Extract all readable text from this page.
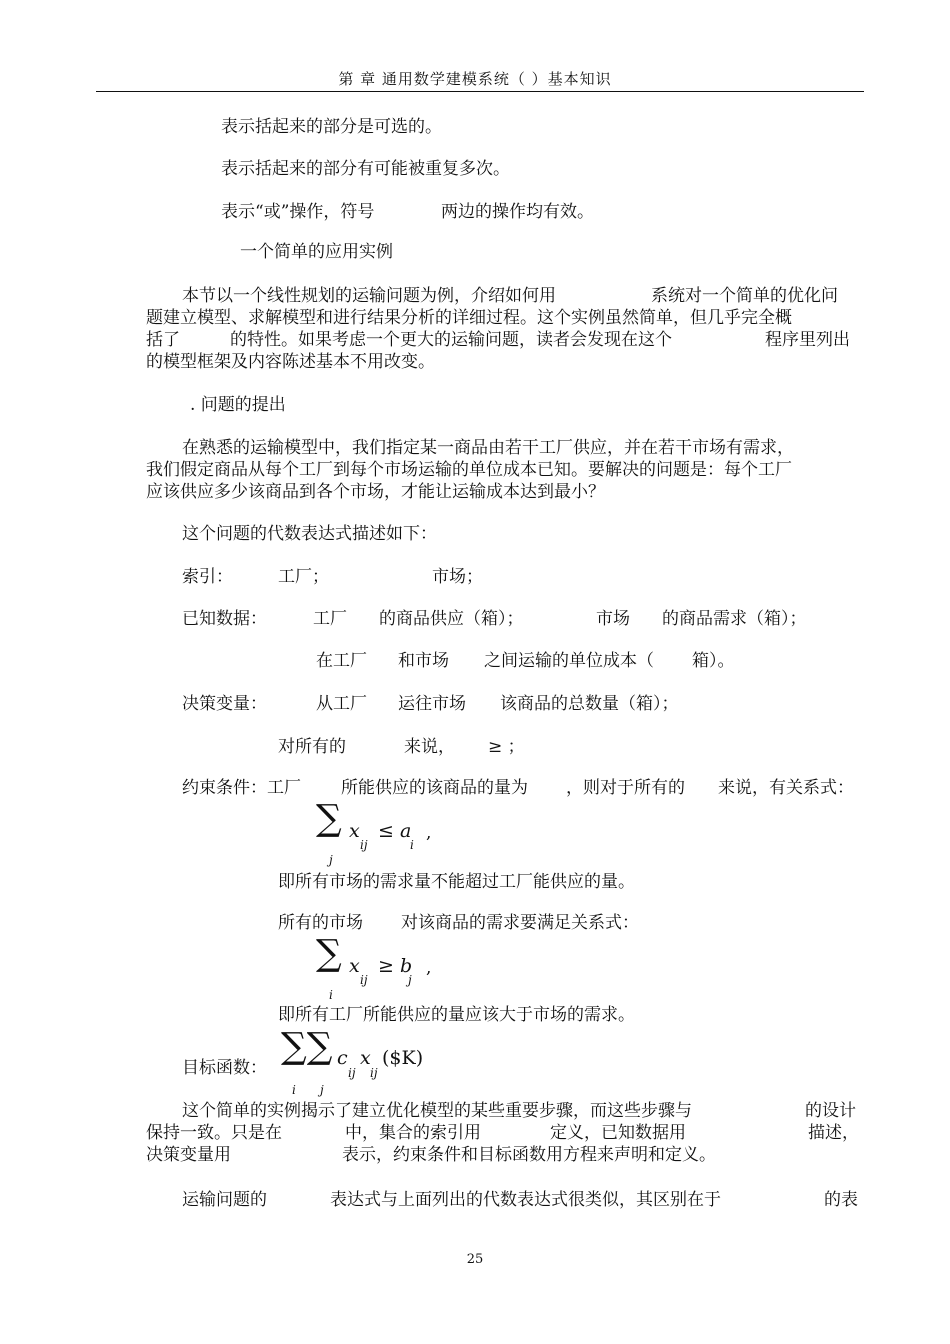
第 章 通用数学建模系统（ ）基本知识
表示括起来的部分是可选的。
表示括起来的部分有可能被重复多次。
表示“或”操作，符号	两边的操作均有效。
一个简单的应用实例
本节以一个线性规划的运输问题为例，介绍如何用	系统对一个简单的优化问
题建立模型、求解模型和进行结果分析的详细过程。这个实例虽然简单，但几乎完全概
括了	的特性。如果考虑一个更大的运输问题，读者会发现在这个	程序里列出
的模型框架及内容陈述基本不用改变。
. 问题的提出
在熟悉的运输模型中，我们指定某一商品由若干工厂供应，并在若干市场有需求，
我们假定商品从每个工厂到每个市场运输的单位成本已知。要解决的问题是：每个工厂
应该供应多少该商品到各个市场，才能让运输成本达到最小？
这个问题的代数表达式描述如下：
索引：	工厂；	市场；
已知数据：	工厂 的商品供应（箱）；	市场 的商品需求（箱）；
在工厂 和市场 之间运输的单位成本（ 箱）。
决策变量：	从工厂 运往市场 该商品的总数量（箱）；
对所有的	来说， ≥ ；
约束条件：工厂 所能供应的该商品的量为 ，则对于所有的 来说，有关系式：
∑ x
ij
≤ a
i
,
j
即所有市场的需求量不能超过工厂能供应的量。
所有的市场 对该商品的需求要满足关系式：
∑ x
ij
≥ b
j
,
i
即所有工厂所能供应的量应该大于市场的需求。
目标函数：
∑∑ c x
ij ij
($K)
i j
这个简单的实例揭示了建立优化模型的某些重要步骤，而这些步骤与	的设计
保持一致。只是在	中，集合的索引用	定义，已知数据用	描述，
决策变量用	表示，约束条件和目标函数用方程来声明和定义。
运输问题的	表达式与上面列出的代数表达式很类似，其区别在于	的表
25
